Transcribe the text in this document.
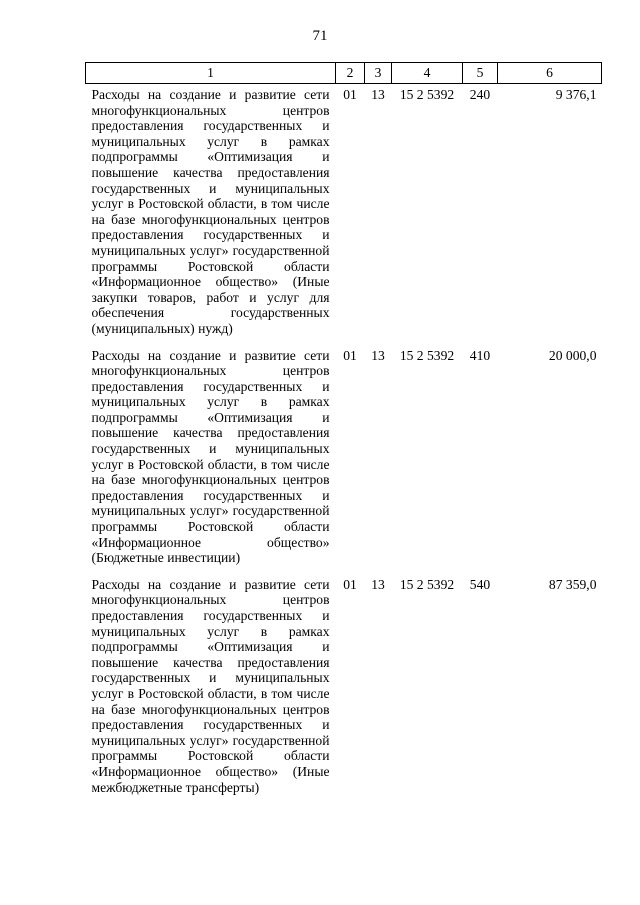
71
1	2	3	4	5	6
Расходы на создание и развитие сети многофункциональных центров предоставления государственных и муниципальных услуг в рамках подпрограммы «Оптимизация и повышение качества предоставления государственных и муниципальных услуг в Ростовской области, в том числе на базе многофункциональных центров предоставления государственных и муниципальных услуг» государственной программы Ростовской области «Информационное общество» (Иные закупки товаров, работ и услуг для обеспечения государственных (муниципальных) нужд)	01	13	15 2 5392	240	9 376,1
Расходы на создание и развитие сети многофункциональных центров предоставления государственных и муниципальных услуг в рамках подпрограммы «Оптимизация и повышение качества предоставления государственных и муниципальных услуг в Ростовской области, в том числе на базе многофункциональных центров предоставления государственных и муниципальных услуг» государственной программы Ростовской области «Информационное общество» (Бюджетные инвестиции)	01	13	15 2 5392	410	20 000,0
Расходы на создание и развитие сети многофункциональных центров предоставления государственных и муниципальных услуг в рамках подпрограммы «Оптимизация и повышение качества предоставления государственных и муниципальных услуг в Ростовской области, в том числе на базе многофункциональных центров предоставления государственных и муниципальных услуг» государственной программы Ростовской области «Информационное общество» (Иные межбюджетные трансферты)	01	13	15 2 5392	540	87 359,0
